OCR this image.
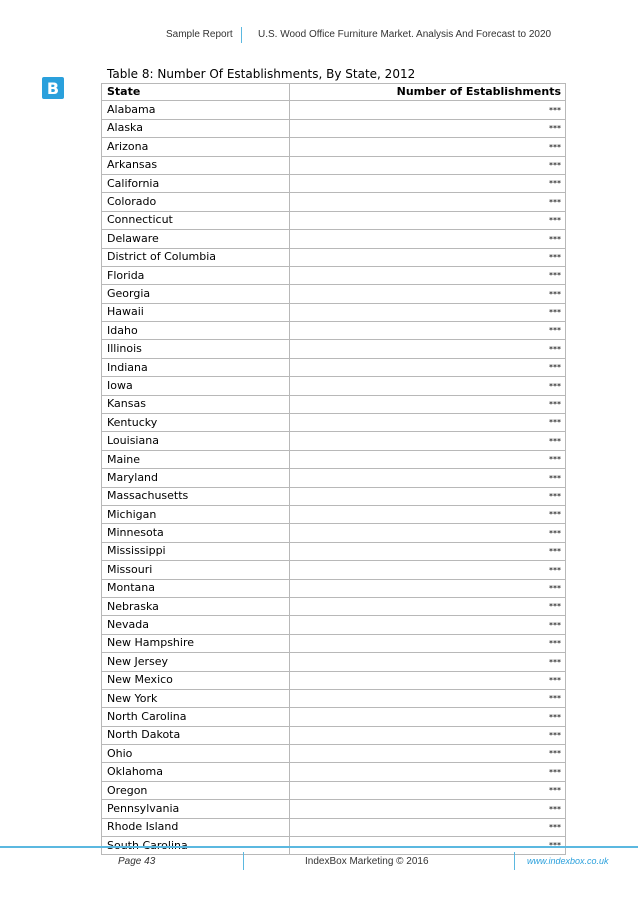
Sample Report	U.S. Wood Office Furniture Market. Analysis And Forecast to 2020
B
Table 8: Number Of Establishments, By State, 2012
State	Number of Establishments
Alabama	***
Alaska	***
Arizona	***
Arkansas	***
California	***
Colorado	***
Connecticut	***
Delaware	***
District of Columbia	***
Florida	***
Georgia	***
Hawaii	***
Idaho	***
Illinois	***
Indiana	***
Iowa	***
Kansas	***
Kentucky	***
Louisiana	***
Maine	***
Maryland	***
Massachusetts	***
Michigan	***
Minnesota	***
Mississippi	***
Missouri	***
Montana	***
Nebraska	***
Nevada	***
New Hampshire	***
New Jersey	***
New Mexico	***
New York	***
North Carolina	***
North Dakota	***
Ohio	***
Oklahoma	***
Oregon	***
Pennsylvania	***
Rhode Island	***
South Carolina	***
Page 43	IndexBox Marketing © 2016	www.indexbox.co.uk
